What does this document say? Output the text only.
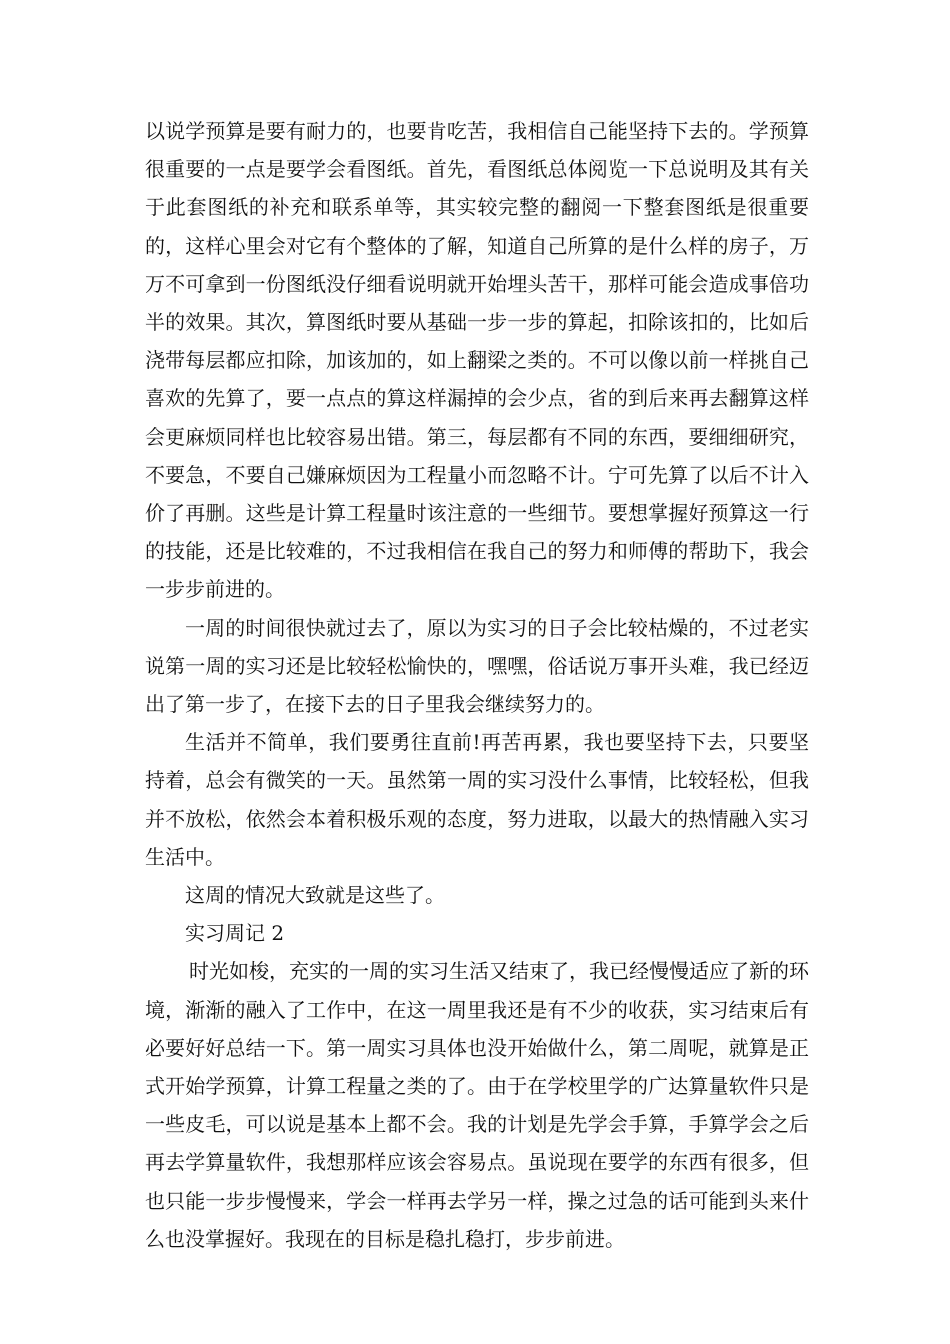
以说学预算是要有耐力的，也要肯吃苦，我相信自己能坚持下去的。学预算很重要的一点是要学会看图纸。首先，看图纸总体阅览一下总说明及其有关于此套图纸的补充和联系单等，其实较完整的翻阅一下整套图纸是很重要的，这样心里会对它有个整体的了解，知道自己所算的是什么样的房子，万万不可拿到一份图纸没仔细看说明就开始埋头苦干，那样可能会造成事倍功半的效果。其次，算图纸时要从基础一步一步的算起，扣除该扣的，比如后浇带每层都应扣除，加该加的，如上翻梁之类的。不可以像以前一样挑自己喜欢的先算了，要一点点的算这样漏掉的会少点，省的到后来再去翻算这样会更麻烦同样也比较容易出错。第三，每层都有不同的东西，要细细研究，不要急，不要自己嫌麻烦因为工程量小而忽略不计。宁可先算了以后不计入价了再删。这些是计算工程量时该注意的一些细节。要想掌握好预算这一行的技能，还是比较难的，不过我相信在我自己的努力和师傅的帮助下，我会一步步前进的。

一周的时间很快就过去了，原以为实习的日子会比较枯燥的，不过老实说第一周的实习还是比较轻松愉快的，嘿嘿，俗话说万事开头难，我已经迈出了第一步了，在接下去的日子里我会继续努力的。

生活并不简单，我们要勇往直前!再苦再累，我也要坚持下去，只要坚持着，总会有微笑的一天。虽然第一周的实习没什么事情，比较轻松，但我并不放松，依然会本着积极乐观的态度，努力进取，以最大的热情融入实习生活中。

这周的情况大致就是这些了。

实习周记 2

时光如梭，充实的一周的实习生活又结束了，我已经慢慢适应了新的环境，渐渐的融入了工作中，在这一周里我还是有不少的收获，实习结束后有必要好好总结一下。第一周实习具体也没开始做什么，第二周呢，就算是正式开始学预算，计算工程量之类的了。由于在学校里学的广达算量软件只是一些皮毛，可以说是基本上都不会。我的计划是先学会手算，手算学会之后再去学算量软件，我想那样应该会容易点。虽说现在要学的东西有很多，但也只能一步步慢慢来，学会一样再去学另一样，操之过急的话可能到头来什么也没掌握好。我现在的目标是稳扎稳打，步步前进。
